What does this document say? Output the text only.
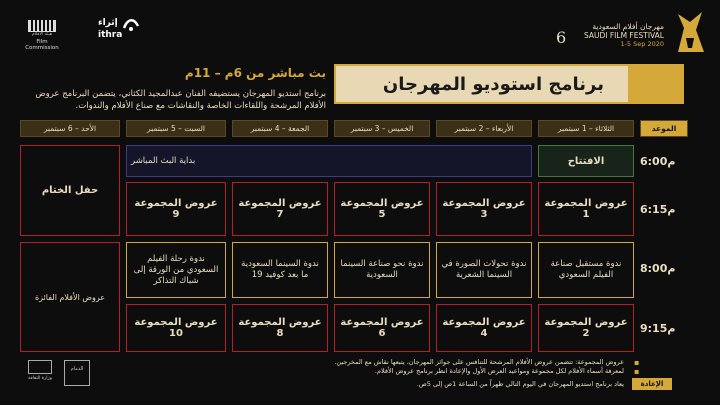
مهرجان أفلام السعودية
SAUDI FILM FESTIVAL
1-5 Sep 2020
6
إثراء
ithra
هيئة الأفلام
Film Commission
برنامج استوديو المهرجان
بث مباشر من 6م – 11م
برنامج استديو المهرجان يستضيفه الفنان عبدالمجيد الكثاني، يتضمن البرنامج عروض الأفلام المرشحة واللقاءات الخاصة والنقاشات مع صناع الأفلام والندوات.
الموعد
الثلاثاء – 1 سبتمبر
الأربعاء – 2 سبتمبر
الخميس – 3 سبتمبر
الجمعة – 4 سبتمبر
السبت – 5 سبتمبر
الأحد – 6 سبتمبر
6:00م
6:15م
8:00م
9:15م
الافتتاح
بداية البث المباشر
عروض المجموعة 1
عروض المجموعة 3
عروض المجموعة 5
عروض المجموعة 7
عروض المجموعة 9
ندوة مستقبل صناعة الفيلم السعودي
ندوة تحولات الصورة في السينما الشعرية
ندوة نحو صناعة السينما السعودية
ندوة السينما السعودية ما بعد كوفيد 19
ندوة رحلة الفيلم السعودي من الورقة إلى شباك التذاكر
عروض المجموعة 2
عروض المجموعة 4
عروض المجموعة 6
عروض المجموعة 8
عروض المجموعة 10
حفل الختام
عروض الأفلام الفائزة
▪
عروض المجموعة: تتضمن عروض الأفلام المرشحة للتنافس على جوائز المهرجان، يتبعها نقاش مع المخرجين.
▪
لمعرفة أسماء الأفلام لكل مجموعة ومواعيد العرض الأول والإعادة انظر برنامج عروض الأفلام.
الإعادة
يعاد برنامج استديو المهرجان في اليوم التالي ظهراً من الساعة 1ص إلى 5ص.
وزارة الثقافة
الدمام
